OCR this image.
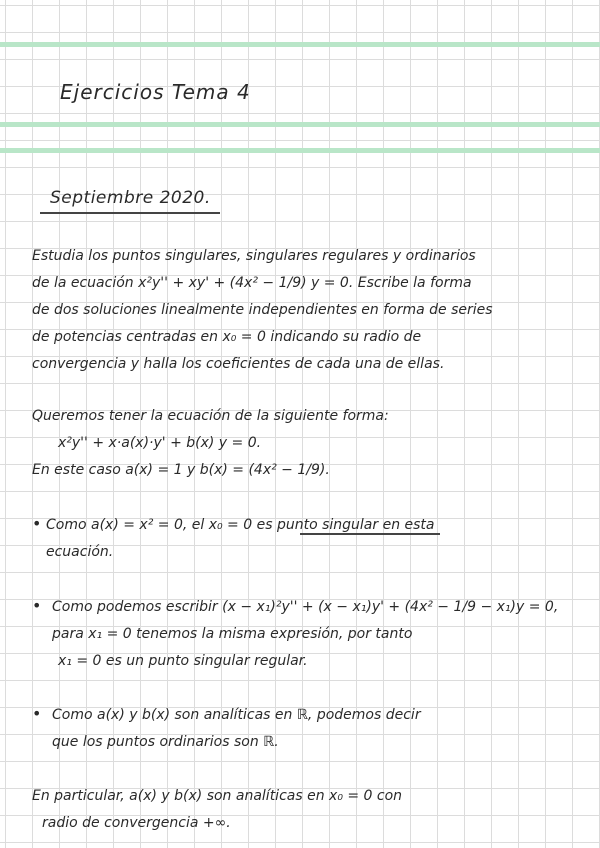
Ejercicios Tema 4
Septiembre 2020.
Estudia los puntos singulares, singulares regulares y ordinarios
de la ecuación x²y'' + xy' + (4x² − 1/9) y = 0. Escribe la forma
de dos soluciones linealmente independientes en forma de series
de potencias centradas en x₀ = 0 indicando su radio de
convergencia y halla los coeficientes de cada una de ellas.
Queremos tener la ecuación de la siguiente forma:
x²y'' + x·a(x)·y' + b(x) y = 0.
En este caso a(x) = 1 y b(x) = (4x² − 1/9).
• Como a(x) = x² = 0, el x₀ = 0 es punto singular en esta
ecuación.
• Como podemos escribir (x − x₁)²y'' + (x − x₁)y' + (4x² − 1/9 − x₁)y = 0,
para x₁ = 0 tenemos la misma expresión, por tanto
x₁ = 0 es un punto singular regular.
• Como a(x) y b(x) son analíticas en ℝ, podemos decir
que los puntos ordinarios son ℝ.
En particular, a(x) y b(x) son analíticas en x₀ = 0 con
radio de convergencia +∞.
